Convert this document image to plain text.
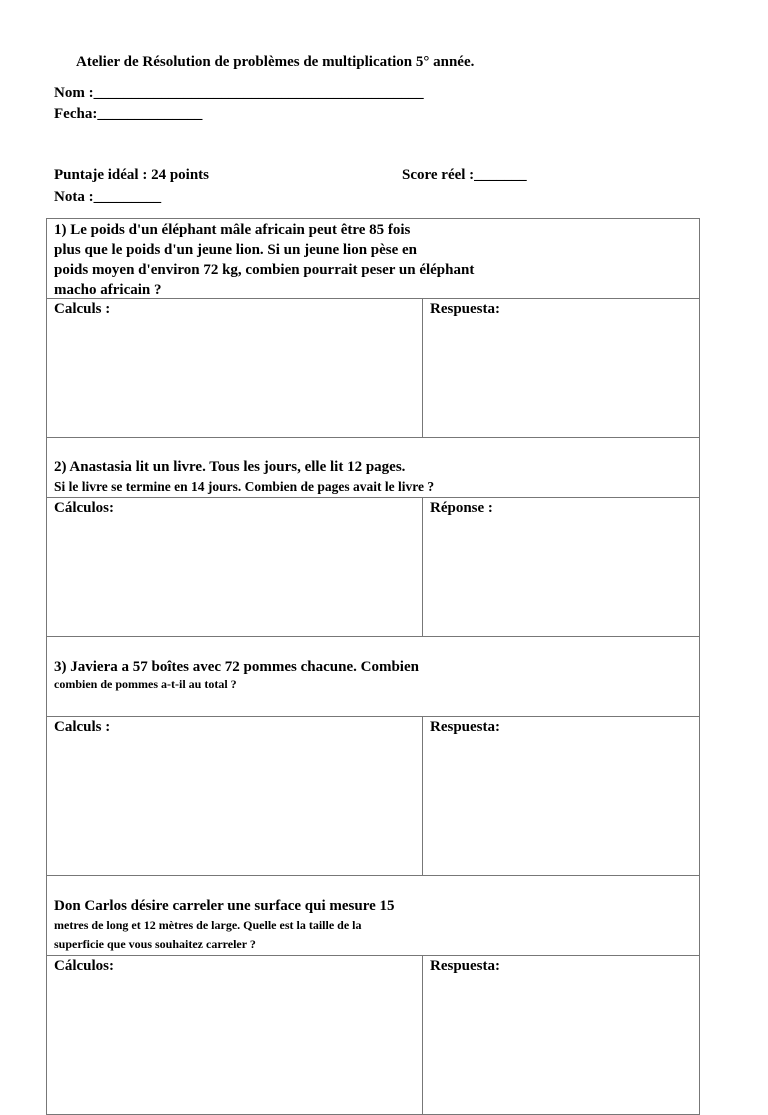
Atelier de Résolution de problèmes de multiplication 5° année.
Nom :____________________________________________
Fecha:______________
Puntaje idéal : 24 points	Score réel :_______
Nota :_________
1) Le poids d'un éléphant mâle africain peut être 85 fois
plus que le poids d'un jeune lion. Si un jeune lion pèse en
poids moyen d'environ 72 kg, combien pourrait peser un éléphant
macho africain ?
Calculs :	Respuesta:
2) Anastasia lit un livre. Tous les jours, elle lit 12 pages.
Si le livre se termine en 14 jours. Combien de pages avait le livre ?
Cálculos:	Réponse :
3) Javiera a 57 boîtes avec 72 pommes chacune. Combien
combien de pommes a-t-il au total ?
Calculs :	Respuesta:
Don Carlos désire carreler une surface qui mesure 15
metres de long et 12 mètres de large. Quelle est la taille de la
superficie que vous souhaitez carreler ?
Cálculos:	Respuesta:
